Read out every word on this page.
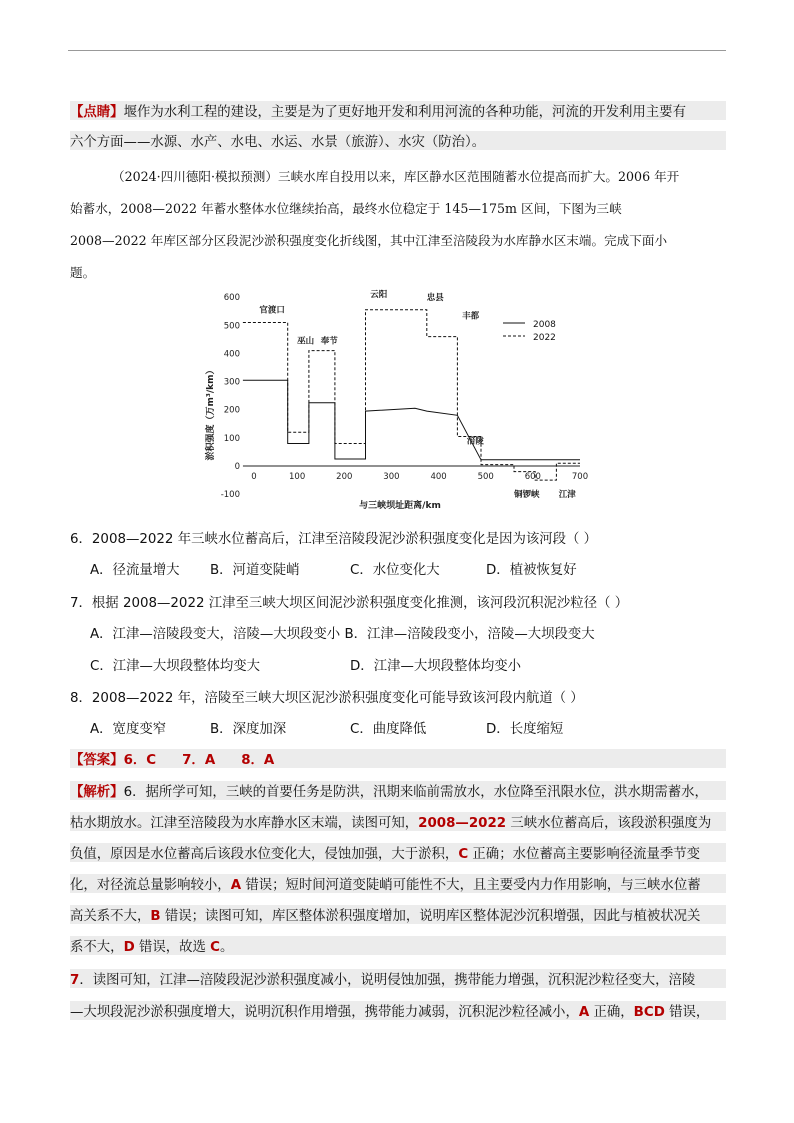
【点睛】堰作为水利工程的建设，主要是为了更好地开发和利用河流的各种功能，河流的开发利用主要有
六个方面——水源、水产、水电、水运、水景（旅游）、水灾（防治）。
（2024·四川德阳·模拟预测）三峡水库自投用以来，库区静水区范围随蓄水位提高而扩大。2006 年开
始蓄水，2008—2022 年蓄水整体水位继续抬高，最终水位稳定于 145—175m 区间，下图为三峡
2008—2022 年库区部分区段泥沙淤积强度变化折线图，其中江津至涪陵段为水库静水区末端。完成下面小
题。
600
500
400
300
200
100
0
-100
0	100	200	300	400	500	600	700
官渡口
巫山 奉节
云阳	忠县
丰都
涪陵
铜锣峡 江津
淤积强度（万m³/km）
与三峡坝址距离/km
2008
2022
6．2008—2022 年三峡水位蓄高后，江津至涪陵段泥沙淤积强度变化是因为该河段（ ）
A．径流量增大 B．河道变陡峭	C．水位变化大	D．植被恢复好
7．根据 2008—2022 江津至三峡大坝区间泥沙淤积强度变化推测，该河段沉积泥沙粒径（ ）
A．江津—涪陵段变大，涪陵—大坝段变小 B．江津—涪陵段变小，涪陵—大坝段变大
C．江津—大坝段整体均变大	D．江津—大坝段整体均变小
8．2008—2022 年，涪陵至三峡大坝区泥沙淤积强度变化可能导致该河段内航道（ ）
A．宽度变窄	B．深度加深	C．曲度降低	D．长度缩短
【答案】6．C 7．A 8．A
【解析】6．据所学可知，三峡的首要任务是防洪，汛期来临前需放水，水位降至汛限水位，洪水期需蓄水，
枯水期放水。江津至涪陵段为水库静水区末端，读图可知，2008—2022 三峡水位蓄高后，该段淤积强度为
负值，原因是水位蓄高后该段水位变化大，侵蚀加强，大于淤积，C 正确；水位蓄高主要影响径流量季节变
化，对径流总量影响较小，A 错误；短时间河道变陡峭可能性不大，且主要受内力作用影响，与三峡水位蓄
高关系不大，B 错误；读图可知，库区整体淤积强度增加，说明库区整体泥沙沉积增强，因此与植被状况关
系不大，D 错误，故选 C。
7．读图可知，江津—涪陵段泥沙淤积强度减小，说明侵蚀加强，携带能力增强，沉积泥沙粒径变大，涪陵
—大坝段泥沙淤积强度增大，说明沉积作用增强，携带能力减弱，沉积泥沙粒径减小，A 正确，BCD 错误，
